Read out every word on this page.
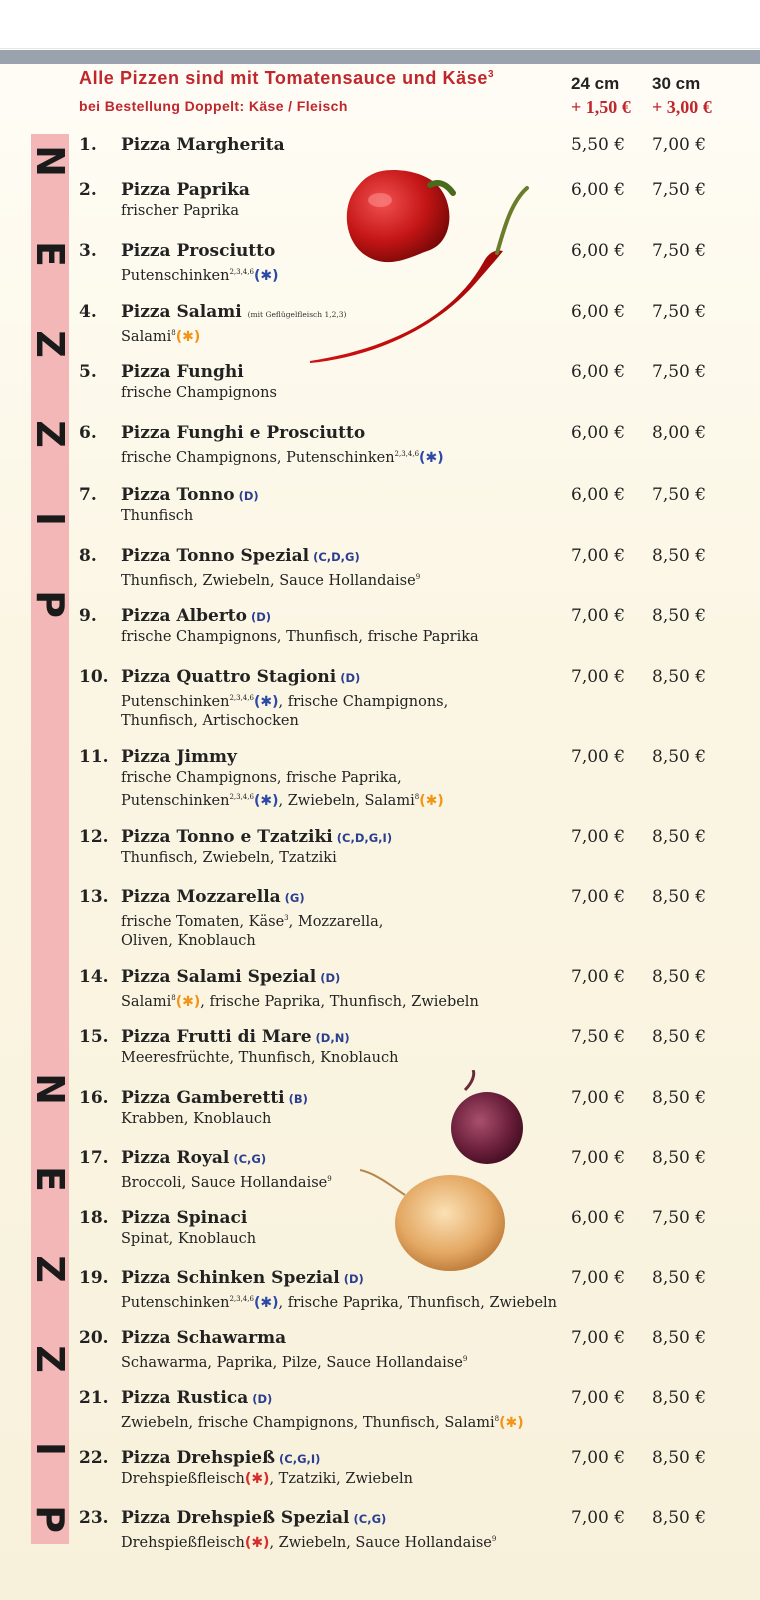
Alle Pizzen sind mit Tomatensauce und Käse$^3$
bei Bestellung Doppelt: Käse / Fleisch
24 cm 30 cm
+ 1,50 € + 3,00 €
P
I
Z
Z
E
N
P
I
Z
Z
E
N
1. Pizza Margherita	5,50 € 7,00 €
2. Pizza Paprika
frischer Paprika
6,00 € 7,50 €
3. Pizza Prosciutto
Putenschinken$^{2,3,4,6}$(✱)
6,00 € 7,50 €
4. Pizza Salami (mit Geflügelfleisch 1,2,3)
Salami$^8$(✱)
6,00 € 7,50 €
5. Pizza Funghi
frische Champignons
6,00 € 7,50 €
6. Pizza Funghi e Prosciutto
frische Champignons, Putenschinken$^{2,3,4,6}$(✱)
6,00 € 8,00 €
7. Pizza Tonno (D)
Thunfisch
6,00 € 7,50 €
8. Pizza Tonno Spezial (C,D,G)
Thunfisch, Zwiebeln, Sauce Hollandaise$^9$
7,00 € 8,50 €
9. Pizza Alberto (D)
frische Champignons, Thunfisch, frische Paprika
7,00 € 8,50 €
10. Pizza Quattro Stagioni (D)
Putenschinken$^{2,3,4,6}$(✱), frische Champignons,
Thunfisch, Artischocken
7,00 € 8,50 €
11. Pizza Jimmy
frische Champignons, frische Paprika,
Putenschinken$^{2,3,4,6}$(✱), Zwiebeln, Salami$^8$(✱)
7,00 € 8,50 €
12. Pizza Tonno e Tzatziki (C,D,G,I)
Thunfisch, Zwiebeln, Tzatziki
7,00 € 8,50 €
13. Pizza Mozzarella (G)
frische Tomaten, Käse$^3$, Mozzarella,
Oliven, Knoblauch
7,00 € 8,50 €
14. Pizza Salami Spezial (D)
Salami$^8$(✱), frische Paprika, Thunfisch, Zwiebeln
7,00 € 8,50 €
15. Pizza Frutti di Mare (D,N)
Meeresfrüchte, Thunfisch, Knoblauch
7,50 € 8,50 €
16. Pizza Gamberetti (B)
Krabben, Knoblauch
7,00 € 8,50 €
17. Pizza Royal (C,G)
Broccoli, Sauce Hollandaise$^9$
7,00 € 8,50 €
18. Pizza Spinaci
Spinat, Knoblauch
6,00 € 7,50 €
19. Pizza Schinken Spezial (D)
Putenschinken$^{2,3,4,6}$(✱), frische Paprika, Thunfisch, Zwiebeln
7,00 € 8,50 €
20. Pizza Schawarma
Schawarma, Paprika, Pilze, Sauce Hollandaise$^9$
7,00 € 8,50 €
21. Pizza Rustica (D)
Zwiebeln, frische Champignons, Thunfisch, Salami$^8$(✱)
7,00 € 8,50 €
22. Pizza Drehspieß (C,G,I)
Drehspießfleisch(✱), Tzatziki, Zwiebeln
7,00 € 8,50 €
23. Pizza Drehspieß Spezial (C,G)
Drehspießfleisch(✱), Zwiebeln, Sauce Hollandaise$^9$
7,00 € 8,50 €
